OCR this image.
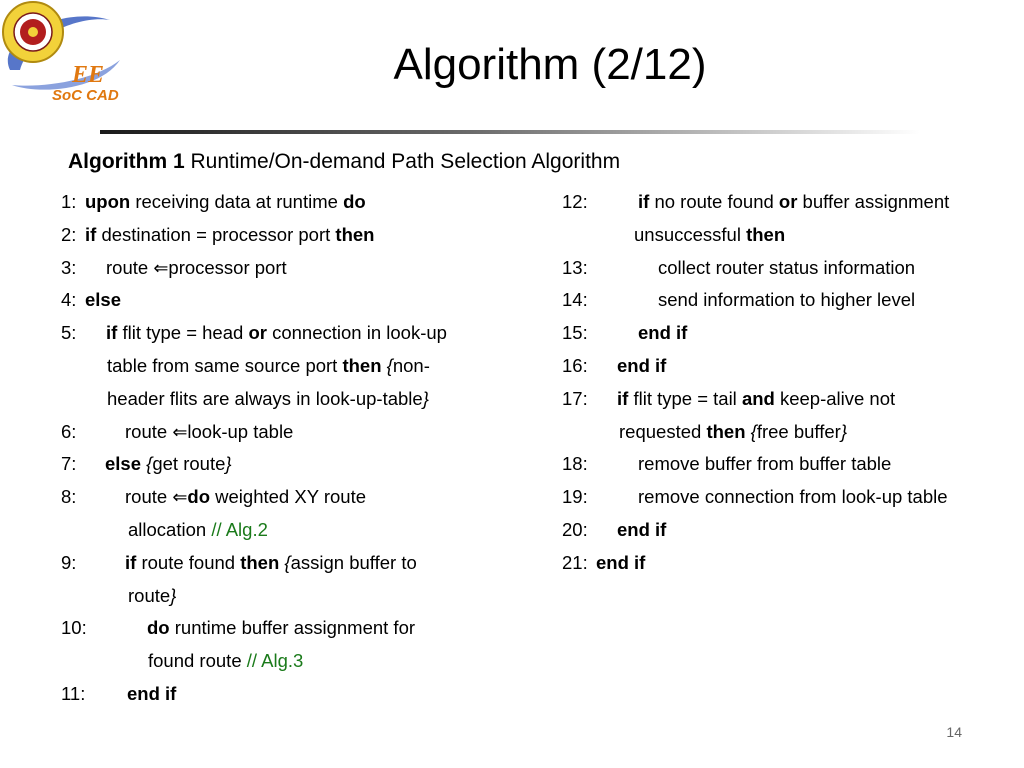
EE
SoC CAD
Algorithm (2/12)
Algorithm 1 Runtime/On-demand Path Selection Algorithm
1: upon receiving data at runtime do
2: if destination = processor port then
3: route ⇐processor port
4: else
5: if flit type = head or connection in look-up
table from same source port then {non-
header flits are always in look-up-table}
6:	route ⇐look-up table
7: else {get route}
8:	route ⇐do weighted XY route
allocation // Alg.2
9:	if route found then {assign buffer to
route}
10:	do runtime buffer assignment for
found route // Alg.3
11: end if
12:	if no route found or buffer assignment
unsuccessful then
13:	collect router status information
14:	send information to higher level
15:	end if
16: end if
17: if flit type = tail and keep-alive not
requested then {free buffer}
18:	remove buffer from buffer table
19:	remove connection from look-up table
20: end if
21: end if
14
